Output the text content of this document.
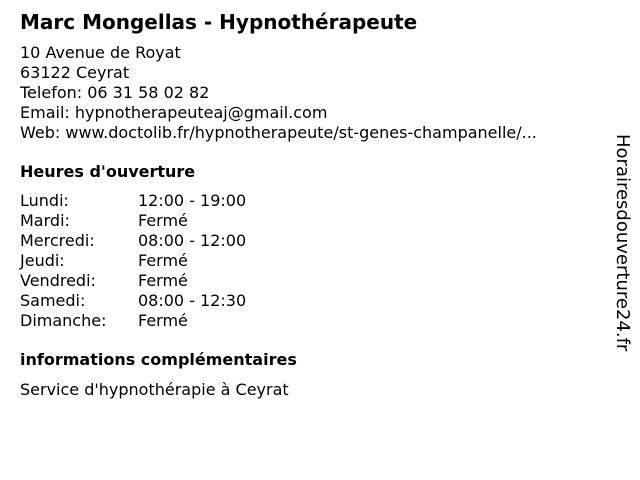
Marc Mongellas - Hypnothérapeute
10 Avenue de Royat
63122 Ceyrat
Telefon: 06 31 58 02 82
Email: hypnotherapeuteaj@gmail.com
Web: www.doctolib.fr/hypnotherapeute/st-genes-champanelle/...
Heures d'ouverture
Lundi:	12:00 - 19:00
Mardi:	Fermé
Mercredi:	08:00 - 12:00
Jeudi:	Fermé
Vendredi:	Fermé
Samedi:	08:00 - 12:30
Dimanche: Fermé
informations complémentaires
Service d'hypnothérapie à Ceyrat
Horairesdouverture24.fr
